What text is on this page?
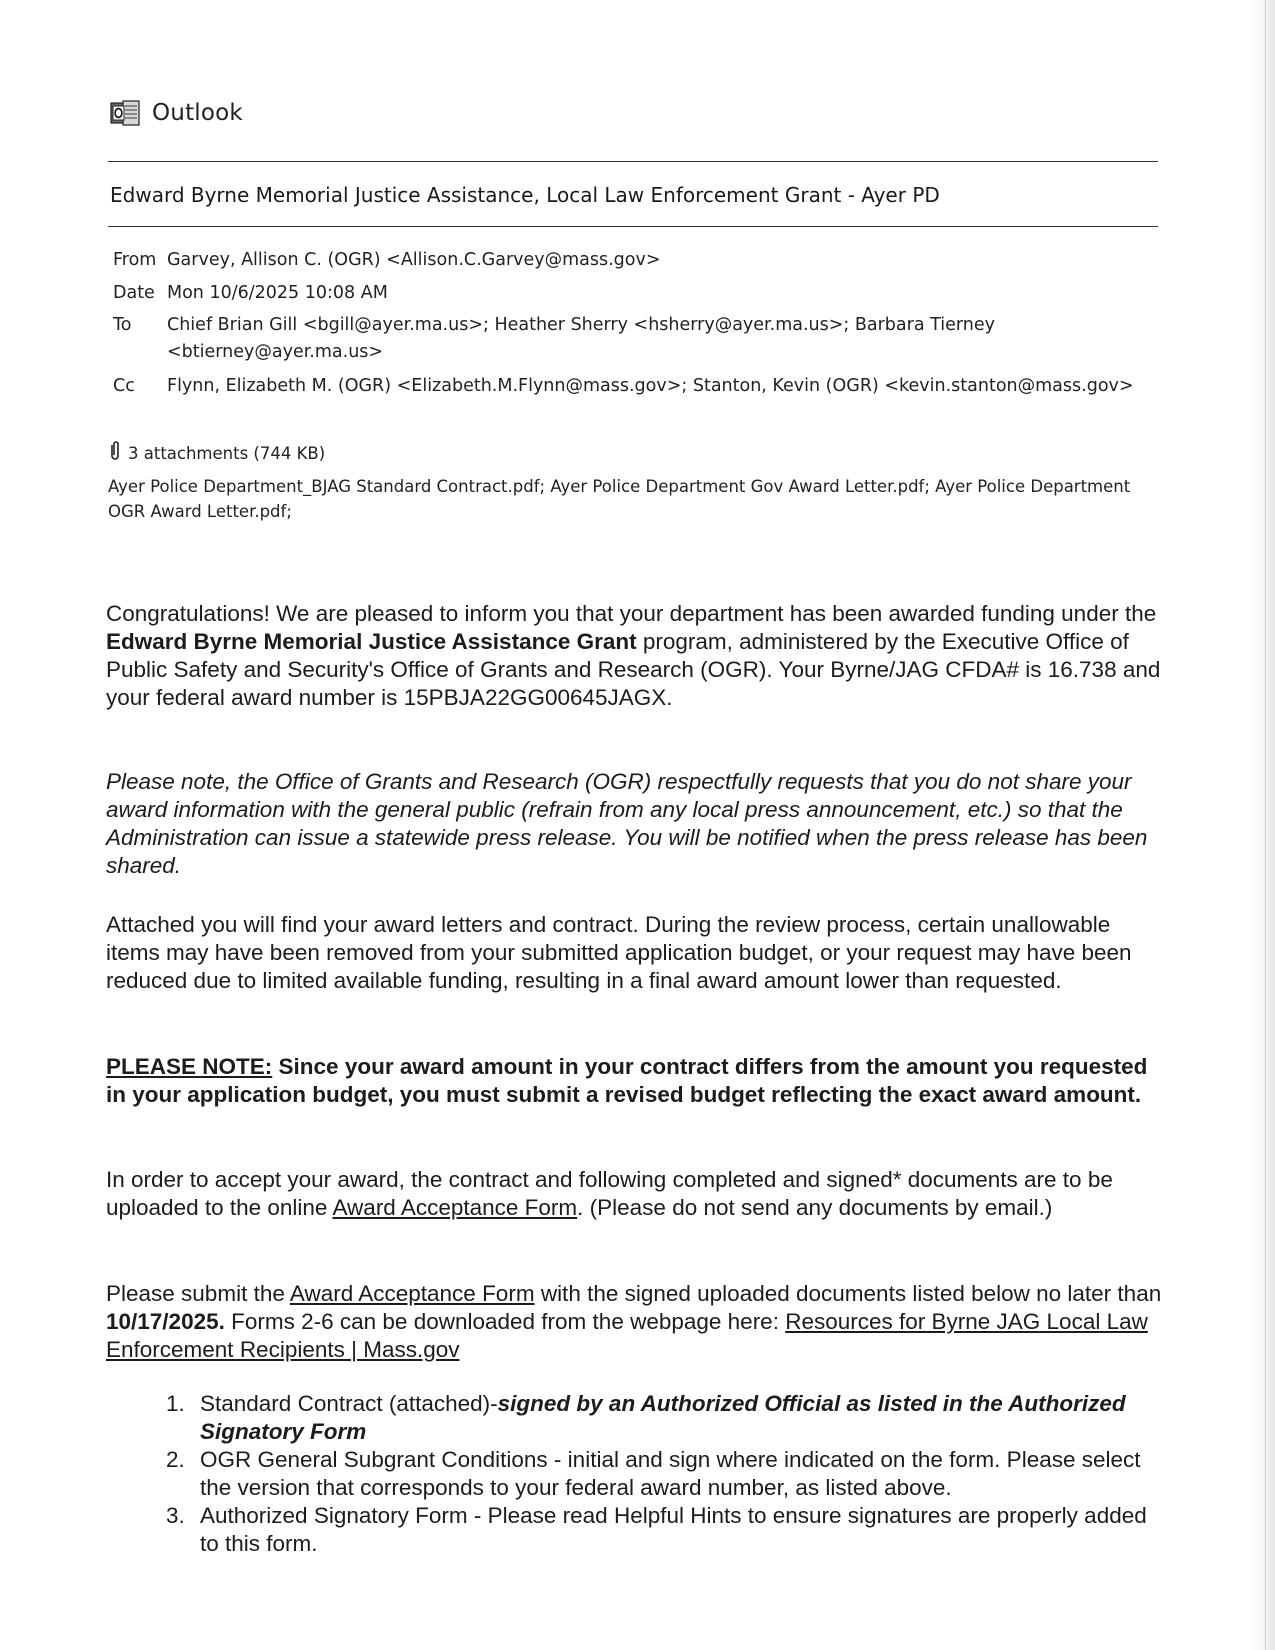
Outlook
Edward Byrne Memorial Justice Assistance, Local Law Enforcement Grant - Ayer PD
From Garvey, Allison C. (OGR) <Allison.C.Garvey@mass.gov>
Date Mon 10/6/2025 10:08 AM
To	Chief Brian Gill <bgill@ayer.ma.us>; Heather Sherry <hsherry@ayer.ma.us>; Barbara Tierney
<btierney@ayer.ma.us>
Cc	Flynn, Elizabeth M. (OGR) <Elizabeth.M.Flynn@mass.gov>; Stanton, Kevin (OGR) <kevin.stanton@mass.gov>
3 attachments (744 KB)
Ayer Police Department_BJAG Standard Contract.pdf; Ayer Police Department Gov Award Letter.pdf; Ayer Police Department OGR Award Letter.pdf;
Congratulations! We are pleased to inform you that your department has been awarded funding under the Edward Byrne Memorial Justice Assistance Grant program, administered by the Executive Office of Public Safety and Security's Office of Grants and Research (OGR). Your Byrne/JAG CFDA# is 16.738 and your federal award number is 15PBJA22GG00645JAGX.
Please note, the Office of Grants and Research (OGR) respectfully requests that you do not share your award information with the general public (refrain from any local press announcement, etc.) so that the Administration can issue a statewide press release. You will be notified when the press release has been shared.
Attached you will find your award letters and contract. During the review process, certain unallowable items may have been removed from your submitted application budget, or your request may have been reduced due to limited available funding, resulting in a final award amount lower than requested.
PLEASE NOTE: Since your award amount in your contract differs from the amount you requested in your application budget, you must submit a revised budget reflecting the exact award amount.
In order to accept your award, the contract and following completed and signed* documents are to be uploaded to the online Award Acceptance Form. (Please do not send any documents by email.)
Please submit the Award Acceptance Form with the signed uploaded documents listed below no later than 10/17/2025. Forms 2-6 can be downloaded from the webpage here: Resources for Byrne JAG Local Law Enforcement Recipients | Mass.gov
1. Standard Contract (attached)-signed by an Authorized Official as listed in the Authorized Signatory Form
2. OGR General Subgrant Conditions - initial and sign where indicated on the form. Please select the version that corresponds to your federal award number, as listed above.
3. Authorized Signatory Form - Please read Helpful Hints to ensure signatures are properly added to this form.
